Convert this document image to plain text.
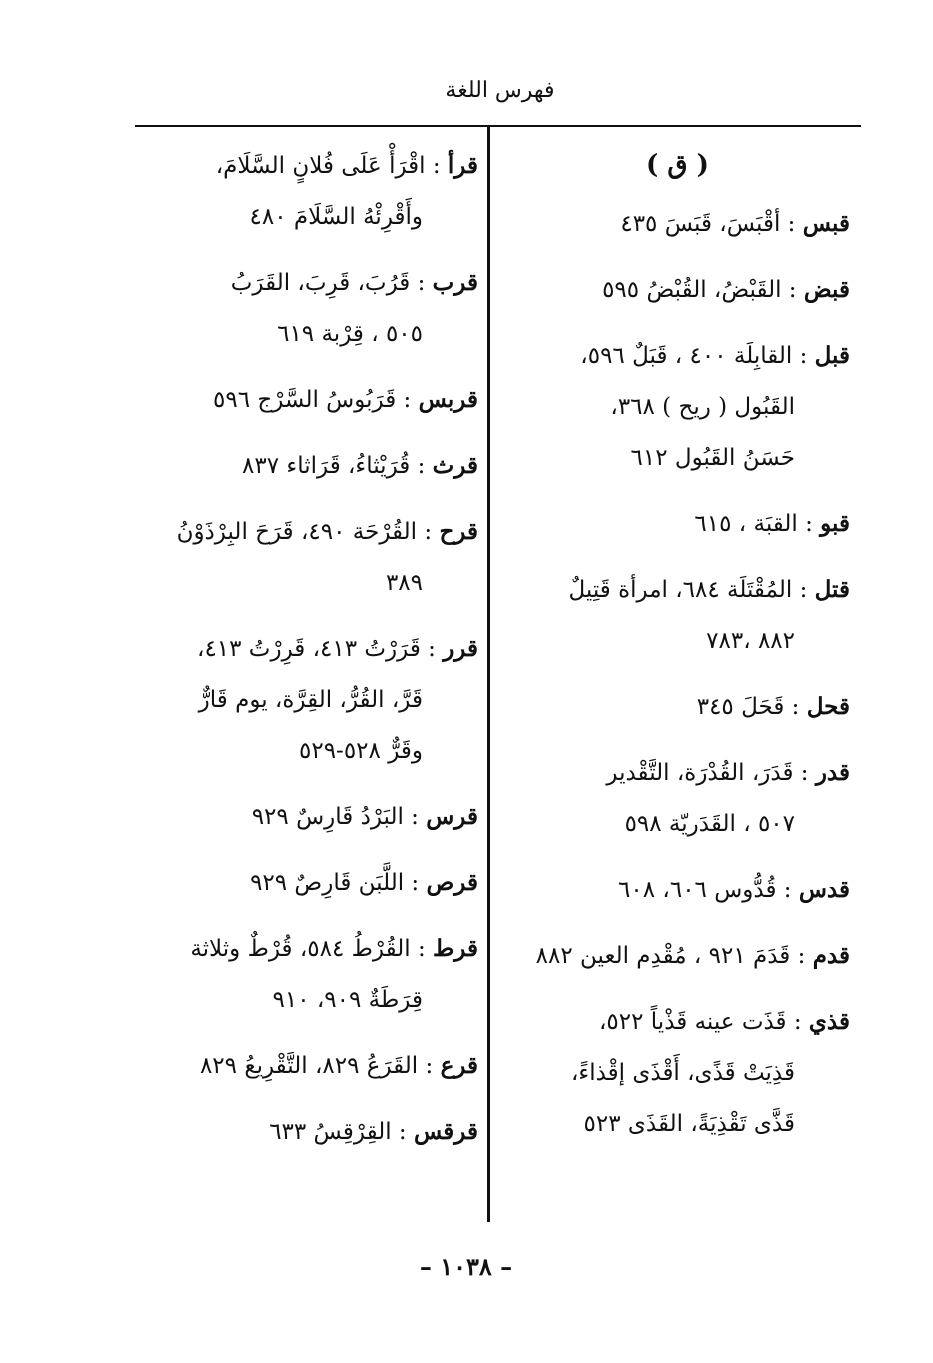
فهرس اللغة
( ق )
قبس : أقْبَسَ، قَبَسَ ٤٣٥
قبض : القَبْضُ، القُبْضُ ٥٩٥
قبل : القابِلَة ٤٠٠ ، قَبَلٌ ٥٩٦،
القَبُول ( ريح ) ٣٦٨،
حَسَنُ القَبُول ٦١٢
قبو : القبَة ، ٦١٥
قتل : المُقْتَلَة ٦٨٤، امرأة قَتِيلٌ
٨٨٢ ،٧٨٣
قحل : قَحَلَ ٣٤٥
قدر : قَدَرَ، القُدْرَة، التَّقْدير
٥٠٧ ، القَدَريّة ٥٩٨
قدس : قُدُّوس ٦٠٦، ٦٠٨
قدم : قَدَمَ ٩٢١ ، مُقْدِم العين ٨٨٢
قذي : قَذَت عينه قَذْياً ٥٢٢،
قَذِيَتْ قَذًى، أَقْذَى إقْذاءً،
قَذَّى تَقْذِيَةً، القَذَى ٥٢٣
قرأ : اقْرَأْ عَلَى فُلانٍ السَّلَامَ،
وأَقْرِئْهُ السَّلَامَ ٤٨٠
قرب : قَرُبَ، قَرِبَ، القَرَبُ
٥٠٥ ، قِرْبة ٦١٩
قربس : قَرَبُوسُ السَّرْج ٥٩٦
قرث : قُرَيْثاءُ، قَرَاثاء ٨٣٧
قرح : القُرْحَة ٤٩٠، قَرَحَ البِرْذَوْنُ
٣٨٩
قرر : قَرَرْتُ ٤١٣، قَرِرْتُ ٤١٣،
قَرَّ، القُرُّ، القِرَّة، يوم قَارٌّ
وقَرٌّ ٥٢٨-٥٢٩
قرس : البَرْدُ قَارِسٌ ٩٢٩
قرص : اللَّبَن قَارِصٌ ٩٢٩
قرط : القُرْطُ ٥٨٤، قُرْطٌ وثلاثة
قِرَطَةٌ ٩٠٩، ٩١٠
قرع : القَرَعُ ٨٢٩، التَّقْرِيعُ ٨٢٩
قرقس : القِرْقِسُ ٦٣٣
– ١٠٣٨ –
